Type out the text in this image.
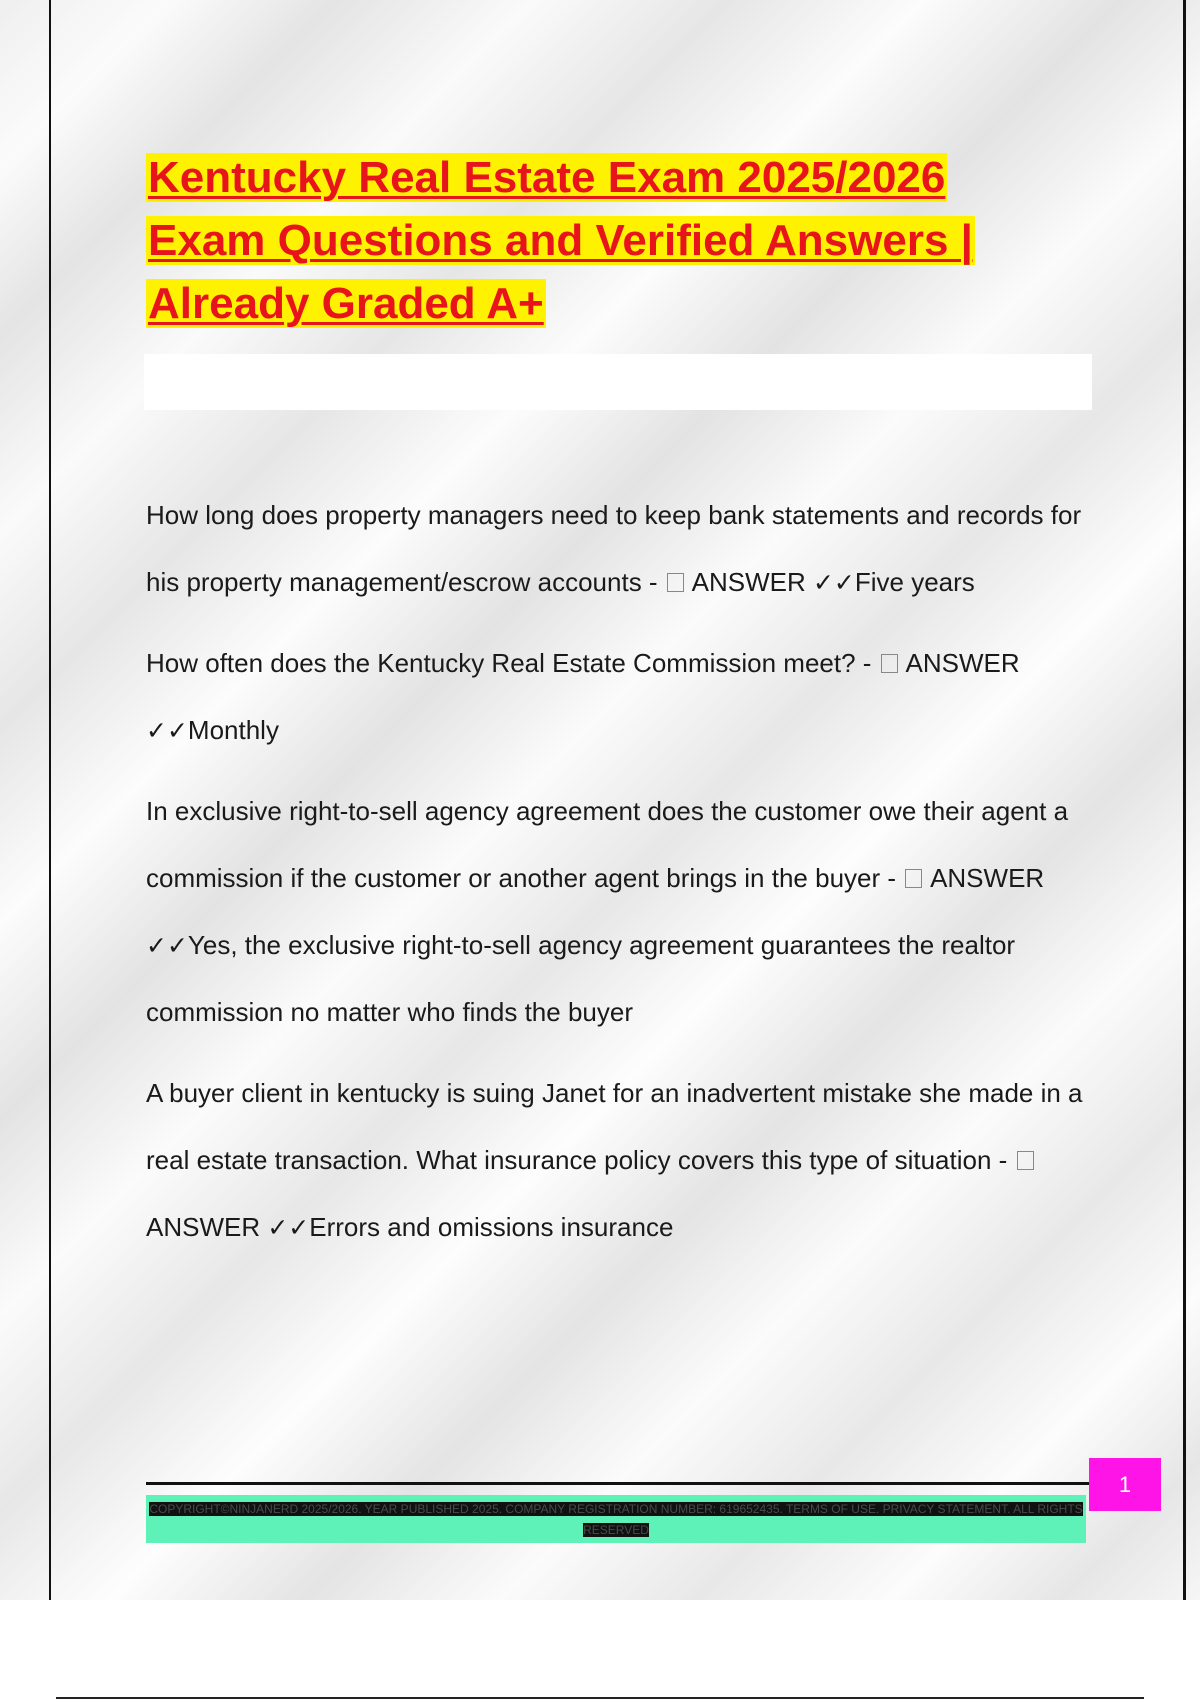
Kentucky Real Estate Exam 2025/2026
Exam Questions and Verified Answers |
Already Graded A+

How long does property managers need to keep bank statements and records for his property management/escrow accounts - ANSWER ✓✓Five years

How often does the Kentucky Real Estate Commission meet? - ANSWER ✓✓Monthly

In exclusive right-to-sell agency agreement does the customer owe their agent a commission if the customer or another agent brings in the buyer - ANSWER ✓✓Yes, the exclusive right-to-sell agency agreement guarantees the realtor commission no matter who finds the buyer

A buyer client in kentucky is suing Janet for an inadvertent mistake she made in a real estate transaction. What insurance policy covers this type of situation -  ANSWER ✓✓Errors and omissions insurance

1
COPYRIGHT©NINJANERD 2025/2026. YEAR PUBLISHED 2025. COMPANY REGISTRATION NUMBER: 619652435. TERMS OF USE. PRIVACY STATEMENT. ALL RIGHTS RESERVED
